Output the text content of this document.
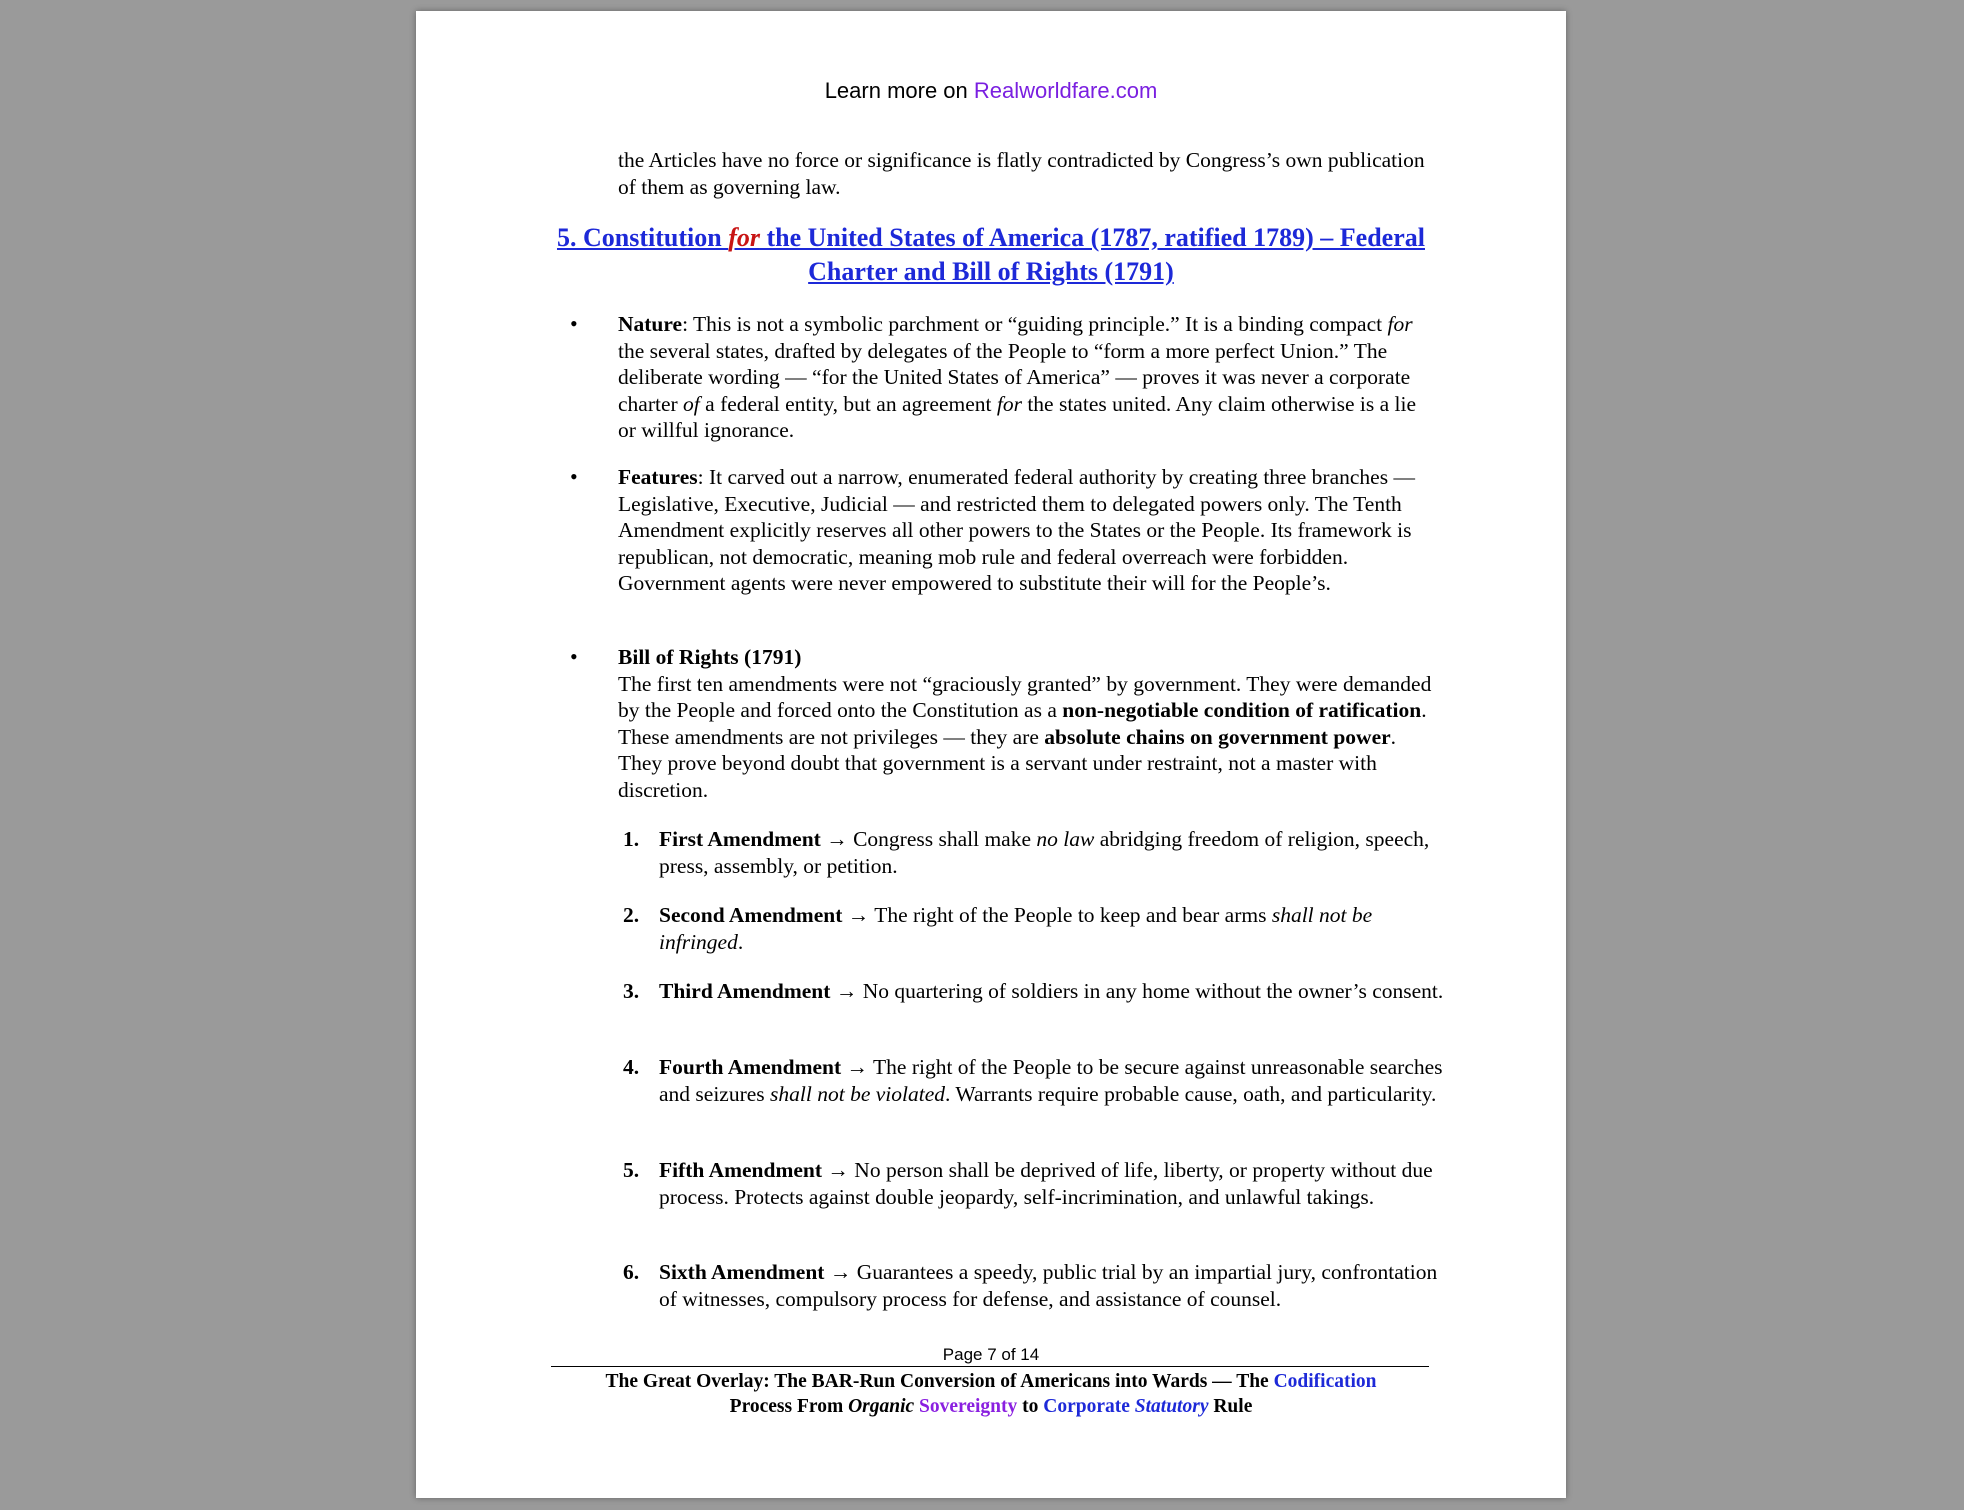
Learn more on Realworldfare.com
the Articles have no force or significance is flatly contradicted by Congress’s own publication of them as governing law.
5. Constitution for the United States of America (1787, ratified 1789) – Federal Charter and Bill of Rights (1791)
• Nature: This is not a symbolic parchment or “guiding principle.” It is a binding compact for the several states, drafted by delegates of the People to “form a more perfect Union.” The deliberate wording — “for the United States of America” — proves it was never a corporate charter of a federal entity, but an agreement for the states united. Any claim otherwise is a lie or willful ignorance.
• Features: It carved out a narrow, enumerated federal authority by creating three branches — Legislative, Executive, Judicial — and restricted them to delegated powers only. The Tenth Amendment explicitly reserves all other powers to the States or the People. Its framework is republican, not democratic, meaning mob rule and federal overreach were forbidden. Government agents were never empowered to substitute their will for the People’s.
• Bill of Rights (1791)
The first ten amendments were not “graciously granted” by government. They were demanded by the People and forced onto the Constitution as a non-negotiable condition of ratification. These amendments are not privileges — they are absolute chains on government power. They prove beyond doubt that government is a servant under restraint, not a master with discretion.
1. First Amendment → Congress shall make no law abridging freedom of religion, speech, press, assembly, or petition.
2. Second Amendment → The right of the People to keep and bear arms shall not be infringed.
3. Third Amendment → No quartering of soldiers in any home without the owner’s consent.
4. Fourth Amendment → The right of the People to be secure against unreasonable searches and seizures shall not be violated. Warrants require probable cause, oath, and particularity.
5. Fifth Amendment → No person shall be deprived of life, liberty, or property without due process. Protects against double jeopardy, self-incrimination, and unlawful takings.
6. Sixth Amendment → Guarantees a speedy, public trial by an impartial jury, confrontation of witnesses, compulsory process for defense, and assistance of counsel.
Page 7 of 14
The Great Overlay: The BAR-Run Conversion of Americans into Wards — The Codification
Process From Organic Sovereignty to Corporate Statutory Rule
